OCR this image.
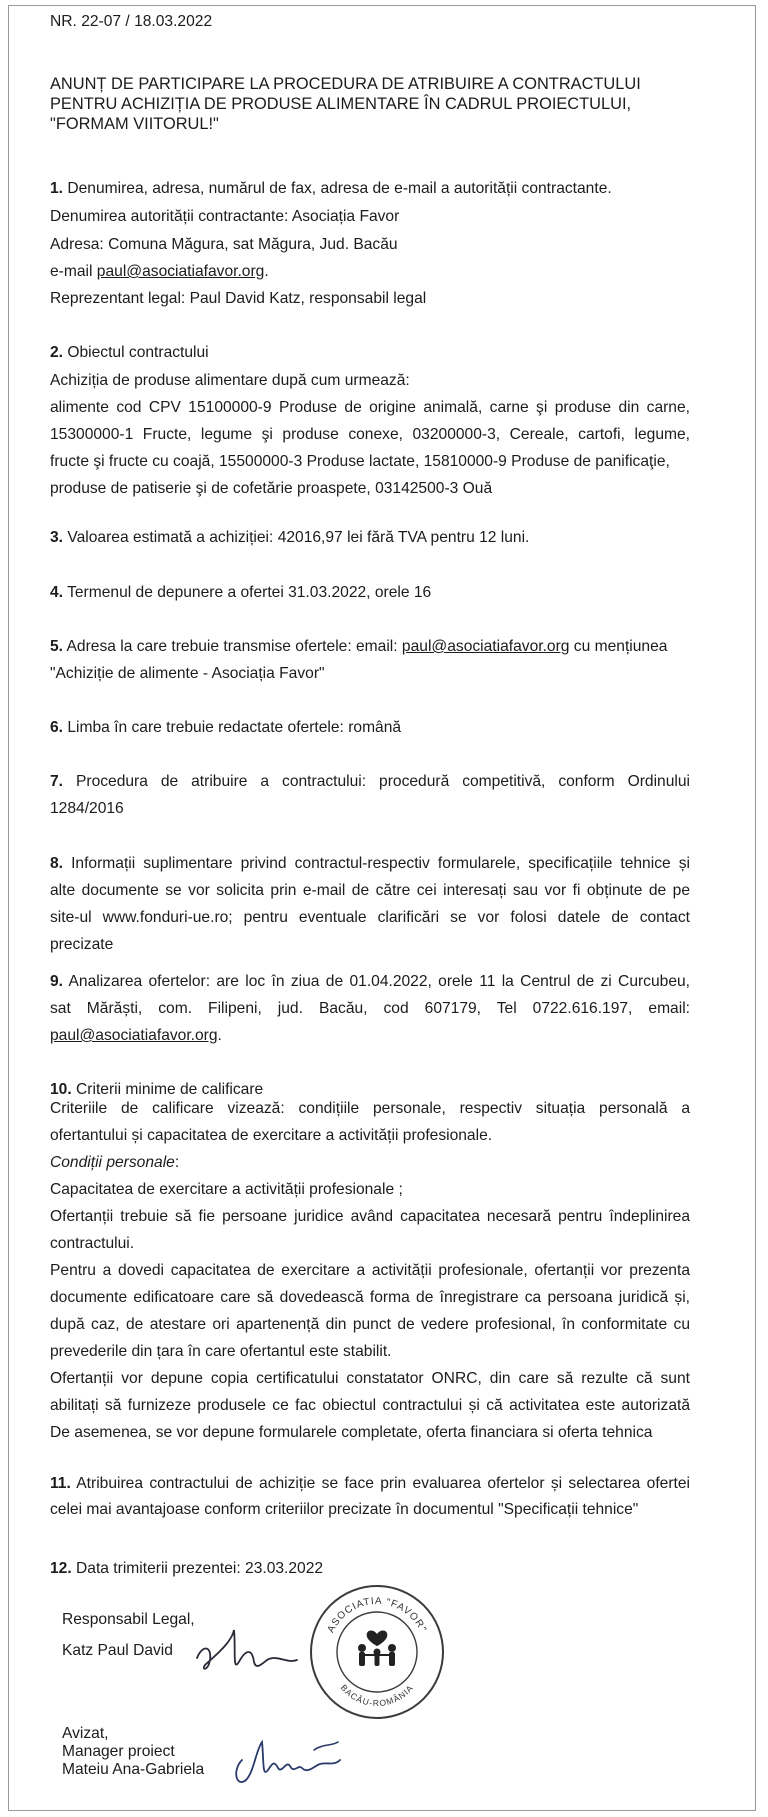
NR. 22-07 / 18.03.2022
ANUNȚ DE PARTICIPARE LA PROCEDURA DE ATRIBUIRE A CONTRACTULUI
PENTRU ACHIZIȚIA DE PRODUSE ALIMENTARE ÎN CADRUL PROIECTULUI,
"FORMAM VIITORUL!"
1. Denumirea, adresa, numărul de fax, adresa de e-mail a autorității contractante.
Denumirea autorității contractante: Asociația Favor
Adresa: Comuna Măgura, sat Măgura, Jud. Bacău
e-mail paul@asociatiafavor.org.
Reprezentant legal: Paul David Katz, responsabil legal
2. Obiectul contractului
Achiziția de produse alimentare după cum urmează:
alimente cod CPV 15100000-9 Produse de origine animală, carne şi produse din carne,
15300000-1 Fructe, legume şi produse conexe, 03200000-3, Cereale, cartofi, legume,
fructe şi fructe cu coajă, 15500000-3 Produse lactate, 15810000-9 Produse de panificaţie,
produse de patiserie şi de cofetărie proaspete, 03142500-3 Ouă
3. Valoarea estimată a achiziției: 42016,97 lei fără TVA pentru 12 luni.
4. Termenul de depunere a ofertei 31.03.2022, orele 16
5. Adresa la care trebuie transmise ofertele: email: paul@asociatiafavor.org cu mențiunea
"Achiziție de alimente - Asociația Favor"
6. Limba în care trebuie redactate ofertele: română
7. Procedura de atribuire a contractului: procedură competitivă, conform Ordinului
1284/2016
8. Informații suplimentare privind contractul-respectiv formularele, specificațiile tehnice și
alte documente se vor solicita prin e-mail de către cei interesați sau vor fi obținute de pe
site-ul www.fonduri-ue.ro; pentru eventuale clarificări se vor folosi datele de contact
precizate
9. Analizarea ofertelor: are loc în ziua de 01.04.2022, orele 11 la Centrul de zi Curcubeu,
sat Mărăști, com. Filipeni, jud. Bacău, cod 607179, Tel 0722.616.197, email:
paul@asociatiafavor.org.
10. Criterii minime de calificare
Criteriile de calificare vizează: condițiile personale, respectiv situația personală a
ofertantului și capacitatea de exercitare a activității profesionale.
Condiții personale:
Capacitatea de exercitare a activității profesionale ;
Ofertanții trebuie să fie persoane juridice având capacitatea necesară pentru îndeplinirea
contractului.
Pentru a dovedi capacitatea de exercitare a activității profesionale, ofertanții vor prezenta
documente edificatoare care să dovedească forma de înregistrare ca persoana juridică și,
după caz, de atestare ori apartenență din punct de vedere profesional, în conformitate cu
prevederile din țara în care ofertantul este stabilit.
Ofertanții vor depune copia certificatului constatator ONRC, din care să rezulte că sunt
abilitați să furnizeze produsele ce fac obiectul contractului și că activitatea este autorizată
De asemenea, se vor depune formularele completate, oferta financiara si oferta tehnica
11. Atribuirea contractului de achiziție se face prin evaluarea ofertelor și selectarea ofertei
celei mai avantajoase conform criteriilor precizate în documentul "Specificații tehnice"
12. Data trimiterii prezentei: 23.03.2022
Responsabil Legal,
Katz Paul David
ASOCIATIA "FAVOR"
BACĂU-ROMÂNIA
Avizat,
Manager proiect
Mateiu Ana-Gabriela
